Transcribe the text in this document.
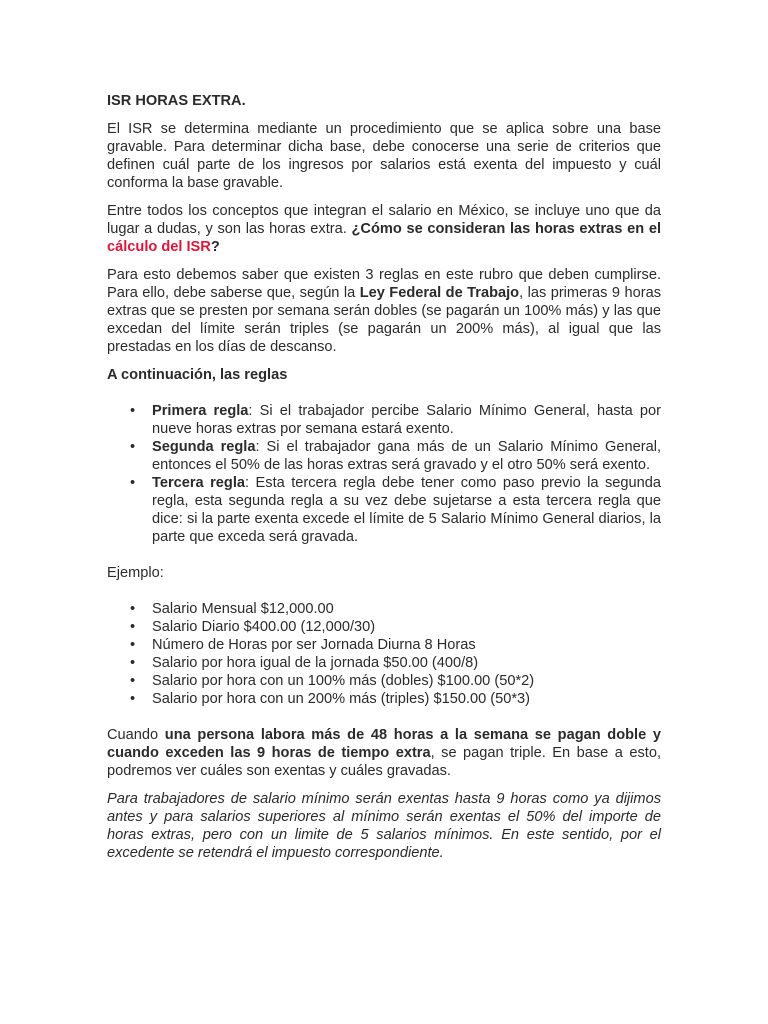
ISR HORAS EXTRA.

El ISR se determina mediante un procedimiento que se aplica sobre una base gravable. Para determinar dicha base, debe conocerse una serie de criterios que definen cuál parte de los ingresos por salarios está exenta del impuesto y cuál conforma la base gravable.

Entre todos los conceptos que integran el salario en México, se incluye uno que da lugar a dudas, y son las horas extra. ¿Cómo se consideran las horas extras en el cálculo del ISR?

Para esto debemos saber que existen 3 reglas en este rubro que deben cumplirse. Para ello, debe saberse que, según la Ley Federal de Trabajo, las primeras 9 horas extras que se presten por semana serán dobles (se pagarán un 100% más) y las que excedan del límite serán triples (se pagarán un 200% más), al igual que las prestadas en los días de descanso.

A continuación, las reglas
• Primera regla: Si el trabajador percibe Salario Mínimo General, hasta por nueve horas extras por semana estará exento.
• Segunda regla: Si el trabajador gana más de un Salario Mínimo General, entonces el 50% de las horas extras será gravado y el otro 50% será exento.
• Tercera regla: Esta tercera regla debe tener como paso previo la segunda regla, esta segunda regla a su vez debe sujetarse a esta tercera regla que dice: si la parte exenta excede el límite de 5 Salario Mínimo General diarios, la parte que exceda será gravada.
Ejemplo:
• Salario Mensual $12,000.00
• Salario Diario $400.00 (12,000/30)
• Número de Horas por ser Jornada Diurna 8 Horas
• Salario por hora igual de la jornada $50.00 (400/8)
• Salario por hora con un 100% más (dobles) $100.00 (50*2)
• Salario por hora con un 200% más (triples) $150.00 (50*3)

Cuando una persona labora más de 48 horas a la semana se pagan doble y cuando exceden las 9 horas de tiempo extra, se pagan triple. En base a esto, podremos ver cuáles son exentas y cuáles gravadas.

Para trabajadores de salario mínimo serán exentas hasta 9 horas como ya dijimos antes y para salarios superiores al mínimo serán exentas el 50% del importe de horas extras, pero con un limite de 5 salarios mínimos. En este sentido, por el excedente se retendrá el impuesto correspondiente.
